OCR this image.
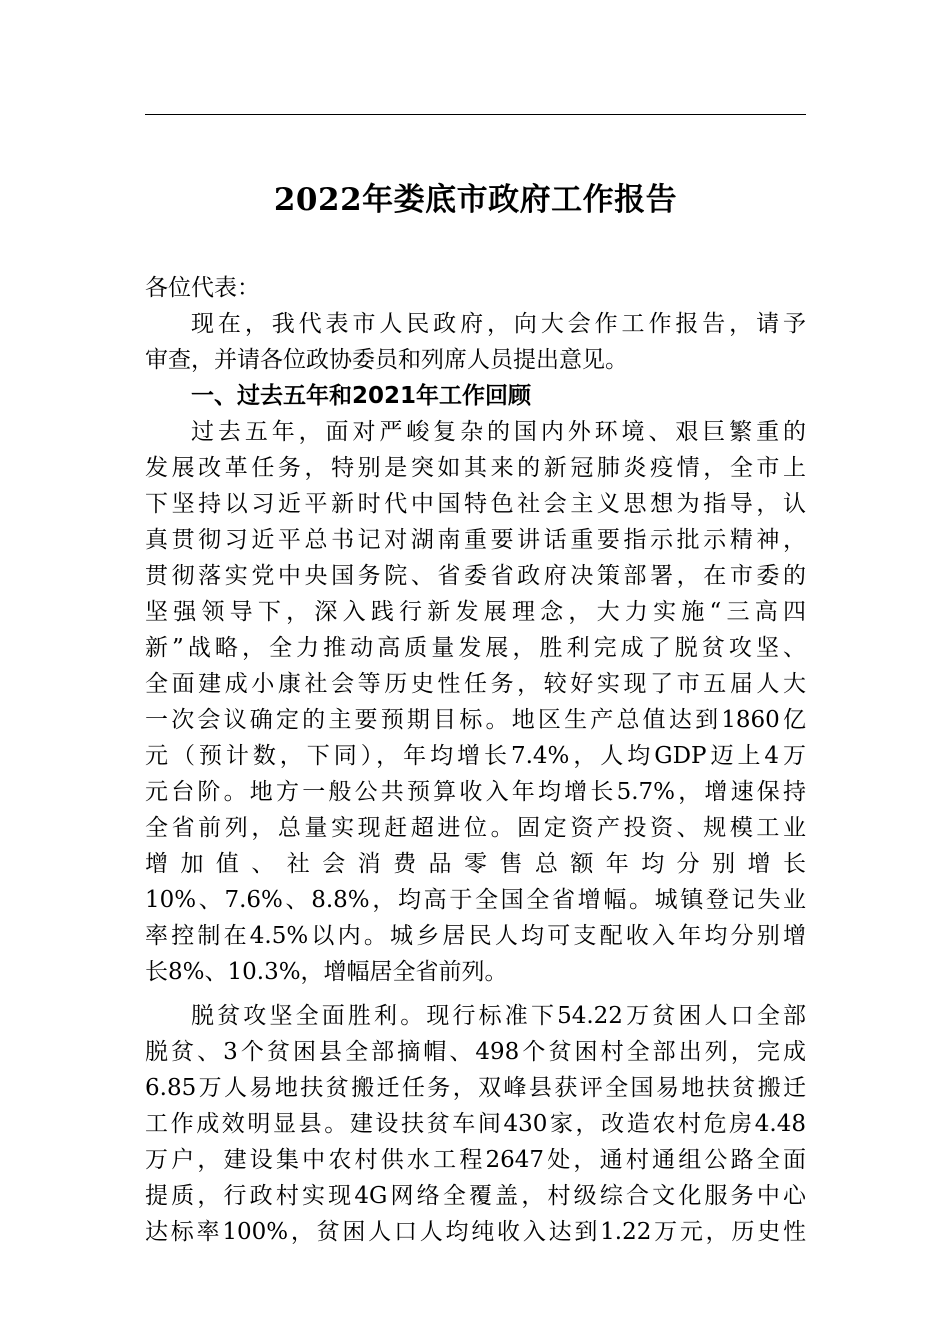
2022年娄底市政府工作报告
各位代表：
现在，我代表市人民政府，向大会作工作报告，请予
审查，并请各位政协委员和列席人员提出意见。
一、过去五年和2021年工作回顾
过去五年，面对严峻复杂的国内外环境、艰巨繁重的
发展改革任务，特别是突如其来的新冠肺炎疫情，全市上
下坚持以习近平新时代中国特色社会主义思想为指导，认
真贯彻习近平总书记对湖南重要讲话重要指示批示精神，
贯彻落实党中央国务院、省委省政府决策部署，在市委的
坚强领导下，深入践行新发展理念，大力实施“三高四
新”战略，全力推动高质量发展，胜利完成了脱贫攻坚、
全面建成小康社会等历史性任务，较好实现了市五届人大
一次会议确定的主要预期目标。地区生产总值达到1860亿
元（预计数，下同），年均增长7.4%，人均GDP迈上4万
元台阶。地方一般公共预算收入年均增长5.7%，增速保持
全省前列，总量实现赶超进位。固定资产投资、规模工业
增加值、社会消费品零售总额年均分别增长
10%、7.6%、8.8%，均高于全国全省增幅。城镇登记失业
率控制在4.5%以内。城乡居民人均可支配收入年均分别增
长8%、10.3%，增幅居全省前列。
脱贫攻坚全面胜利。现行标准下54.22万贫困人口全部
脱贫、3个贫困县全部摘帽、498个贫困村全部出列，完成
6.85万人易地扶贫搬迁任务，双峰县获评全国易地扶贫搬迁
工作成效明显县。建设扶贫车间430家，改造农村危房4.48
万户，建设集中农村供水工程2647处，通村通组公路全面
提质，行政村实现4G网络全覆盖，村级综合文化服务中心
达标率100%，贫困人口人均纯收入达到1.22万元，历史性
